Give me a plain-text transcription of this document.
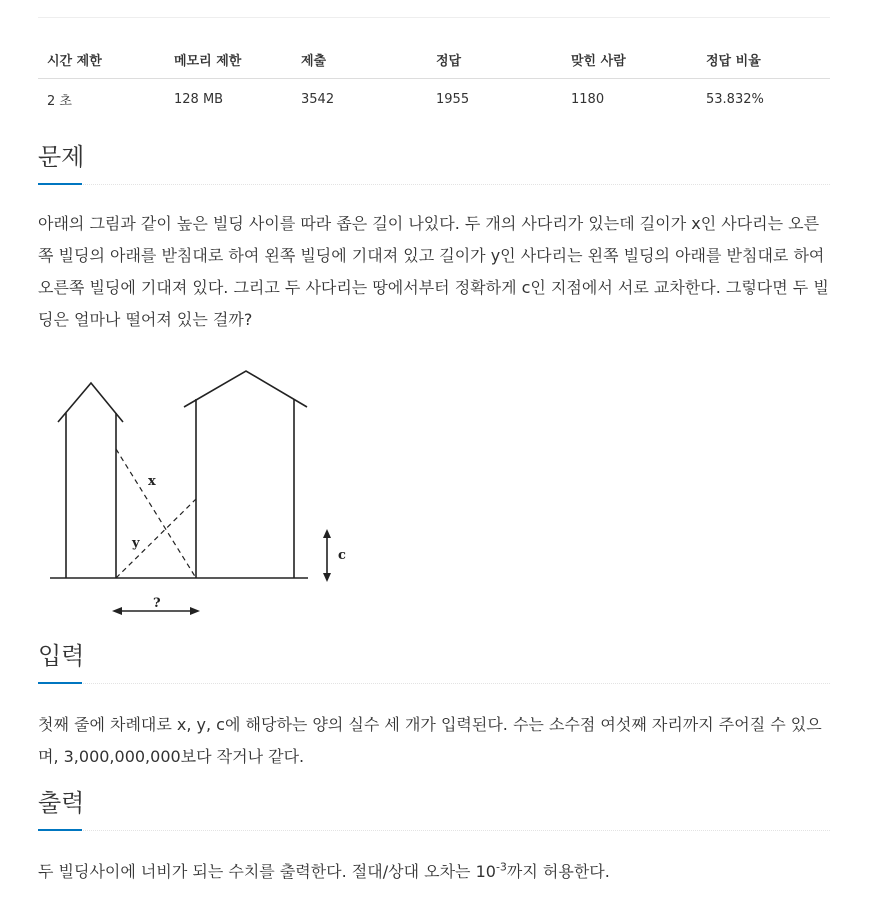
시간 제한	메모리 제한	제출	정답	맞힌 사람	정답 비율
2 초	128 MB	3542	1955	1180	53.832%
문제
아래의 그림과 같이 높은 빌딩 사이를 따라 좁은 길이 나있다. 두 개의 사다리가 있는데 길이가 x인 사다리는 오른쪽 빌딩의 아래를 받침대로 하여 왼쪽 빌딩에 기대져 있고 길이가 y인 사다리는 왼쪽 빌딩의 아래를 받침대로 하여 오른쪽 빌딩에 기대져 있다. 그리고 두 사다리는 땅에서부터 정확하게 c인 지점에서 서로 교차한다. 그렇다면 두 빌딩은 얼마나 떨어져 있는 걸까?
x
y
c
?
입력
첫째 줄에 차례대로 x, y, c에 해당하는 양의 실수 세 개가 입력된다. 수는 소수점 여섯째 자리까지 주어질 수 있으며, 3,000,000,000보다 작거나 같다.
출력
두 빌딩사이에 너비가 되는 수치를 출력한다. 절대/상대 오차는 $10^{-3}$까지 허용한다.
